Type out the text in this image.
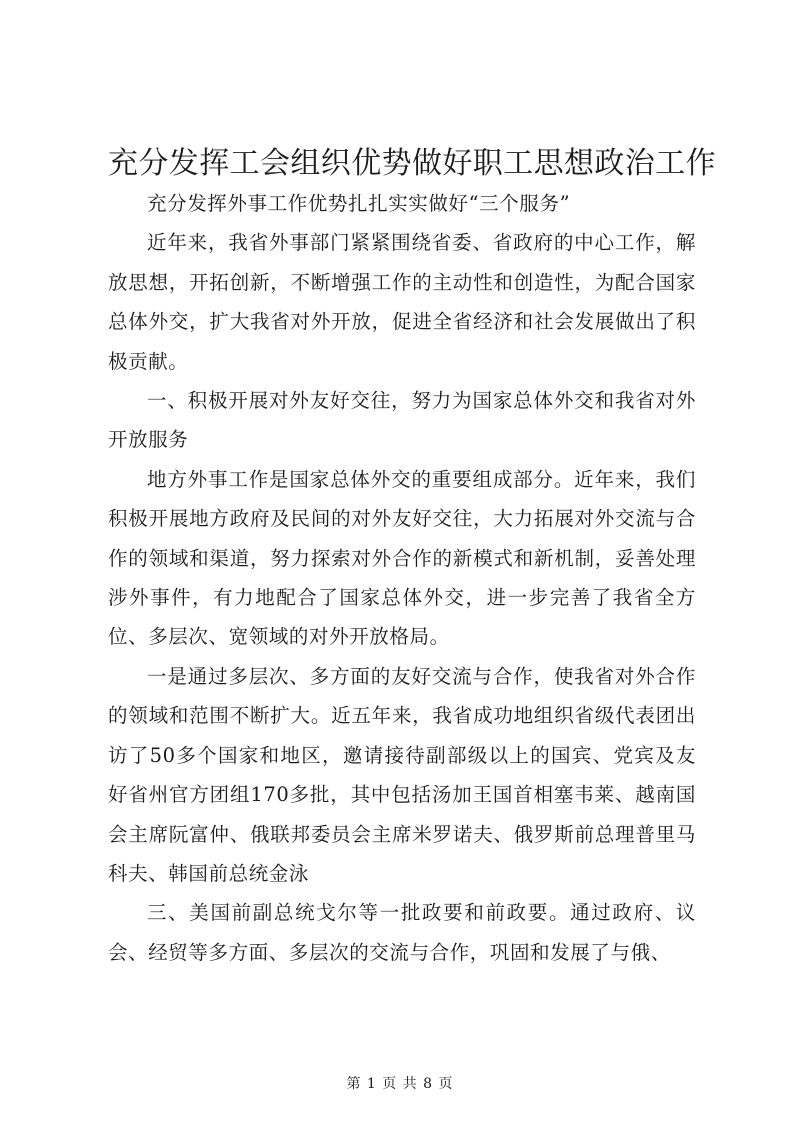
充分发挥工会组织优势做好职工思想政治工作

充分发挥外事工作优势扎扎实实做好“三个服务”

近年来，我省外事部门紧紧围绕省委、省政府的中心工作，解放思想，开拓创新，不断增强工作的主动性和创造性，为配合国家总体外交，扩大我省对外开放，促进全省经济和社会发展做出了积极贡献。

一、积极开展对外友好交往，努力为国家总体外交和我省对外开放服务

地方外事工作是国家总体外交的重要组成部分。近年来，我们积极开展地方政府及民间的对外友好交往，大力拓展对外交流与合作的领域和渠道，努力探索对外合作的新模式和新机制，妥善处理涉外事件，有力地配合了国家总体外交，进一步完善了我省全方位、多层次、宽领域的对外开放格局。

一是通过多层次、多方面的友好交流与合作，使我省对外合作的领域和范围不断扩大。近五年来，我省成功地组织省级代表团出访了50多个国家和地区，邀请接待副部级以上的国宾、党宾及友好省州官方团组170多批，其中包括汤加王国首相塞韦莱、越南国会主席阮富仲、俄联邦委员会主席米罗诺夫、俄罗斯前总理普里马科夫、韩国前总统金泳

三、美国前副总统戈尔等一批政要和前政要。通过政府、议会、经贸等多方面、多层次的交流与合作，巩固和发展了与俄、

第 1 页 共 8 页
